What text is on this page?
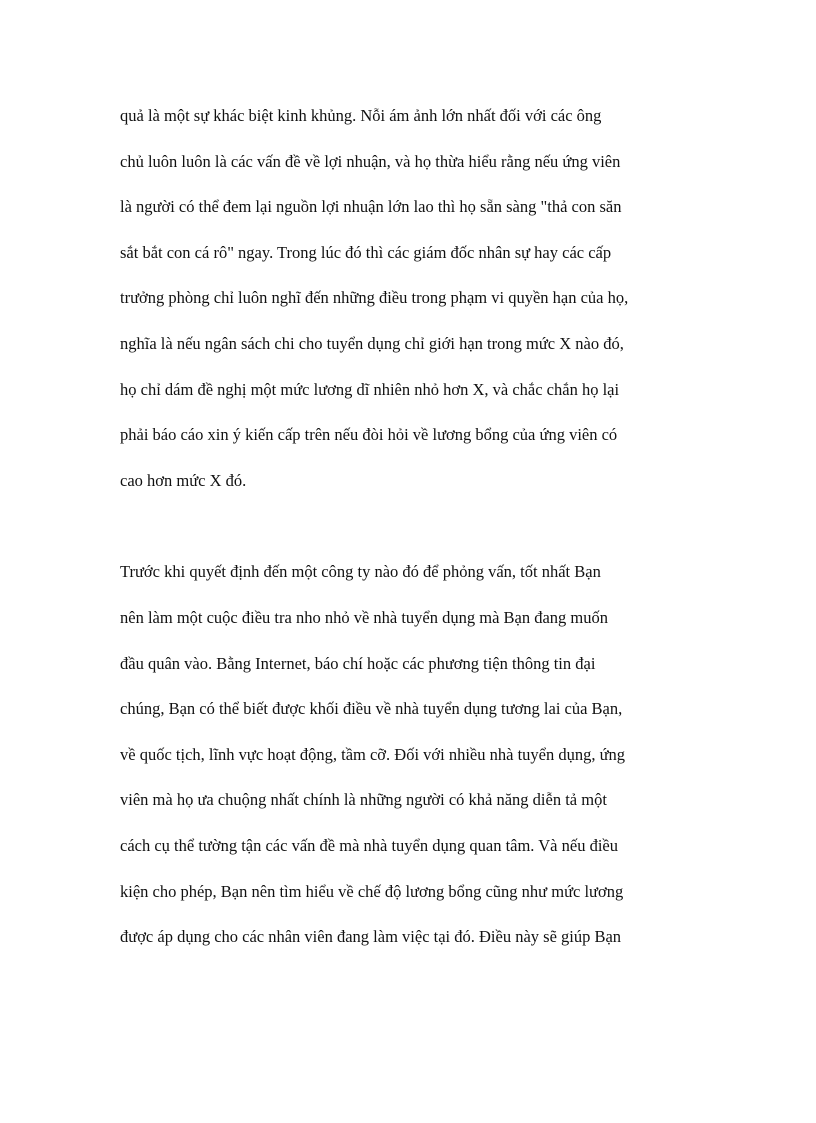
quả là một sự khác biệt kinh khủng. Nỗi ám ảnh lớn nhất đối với các ông
chủ luôn luôn là các vấn đề về lợi nhuận, và họ thừa hiểu rằng nếu ứng viên
là người có thể đem lại nguồn lợi nhuận lớn lao thì họ sẵn sàng "thả con săn
sắt bắt con cá rô" ngay. Trong lúc đó thì các giám đốc nhân sự hay các cấp
trưởng phòng chỉ luôn nghĩ đến những điều trong phạm vi quyền hạn của họ,
nghĩa là nếu ngân sách chi cho tuyển dụng chỉ giới hạn trong mức X nào đó,
họ chỉ dám đề nghị một mức lương dĩ nhiên nhỏ hơn X, và chắc chắn họ lại
phải báo cáo xin ý kiến cấp trên nếu đòi hỏi về lương bổng của ứng viên có
cao hơn mức X đó.

Trước khi quyết định đến một công ty nào đó để phỏng vấn, tốt nhất Bạn
nên làm một cuộc điều tra nho nhỏ về nhà tuyển dụng mà Bạn đang muốn
đầu quân vào. Bằng Internet, báo chí hoặc các phương tiện thông tin đại
chúng, Bạn có thể biết được khối điều về nhà tuyển dụng tương lai của Bạn,
về quốc tịch, lĩnh vực hoạt động, tầm cỡ. Đối với nhiều nhà tuyển dụng, ứng
viên mà họ ưa chuộng nhất chính là những người có khả năng diễn tả một
cách cụ thể tường tận các vấn đề mà nhà tuyển dụng quan tâm. Và nếu điều
kiện cho phép, Bạn nên tìm hiểu về chế độ lương bổng cũng như mức lương
được áp dụng cho các nhân viên đang làm việc tại đó. Điều này sẽ giúp Bạn
